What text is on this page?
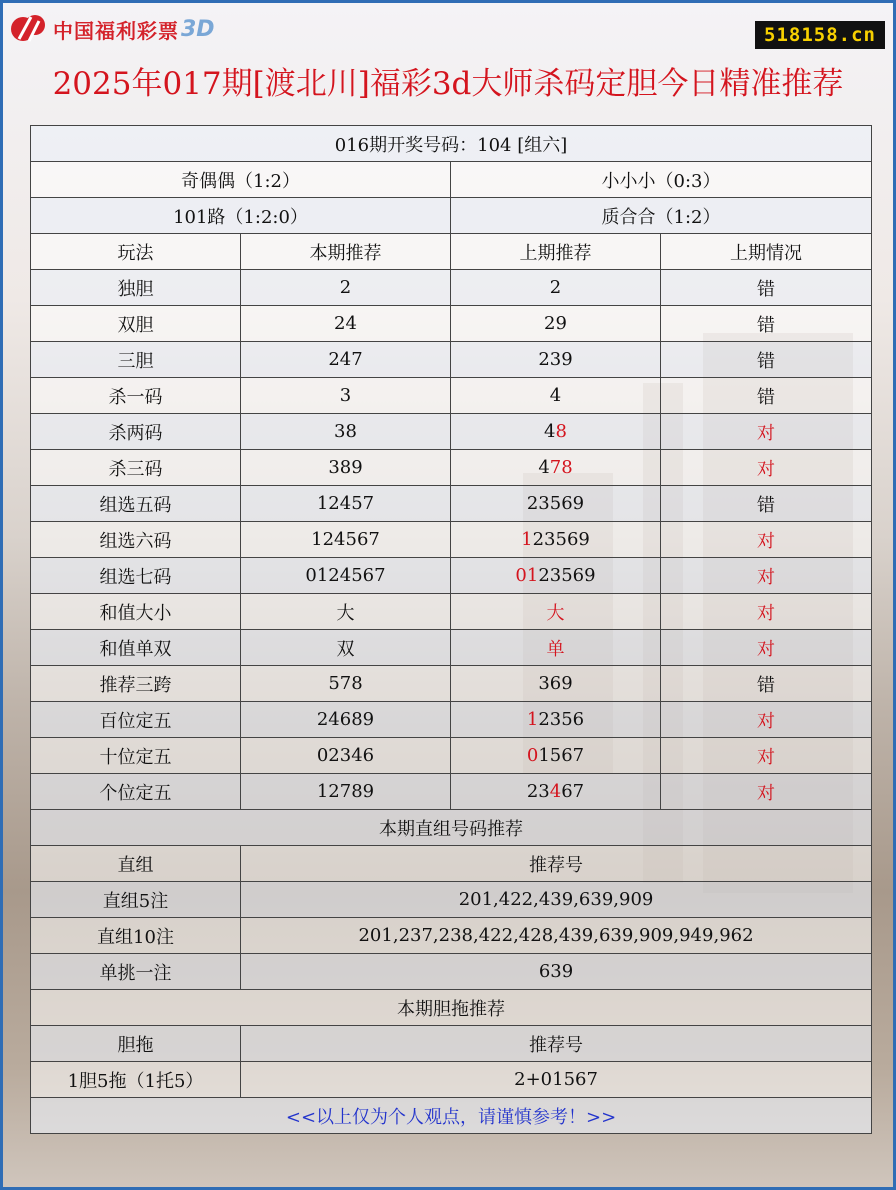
中国福利彩票 3D	518158.cn
2025年017期[渡北川]福彩3d大师杀码定胆今日精准推荐
016期开奖号码：104 [组六]			
奇偶偶（1:2）		小小小（0:3）	
101路（1:2:0）		质合合（1:2）	
玩法	本期推荐	上期推荐	上期情况
独胆	2	2	错
双胆	24	29	错
三胆	247	239	错
杀一码	3	4	错
杀两码	38	48	对
杀三码	389	478	对
组选五码	12457	23569	错
组选六码	124567	123569	对
组选七码	0124567	0123569	对
和值大小	大	大	对
和值单双	双	单	对
推荐三跨	578	369	错
百位定五	24689	12356	对
十位定五	02346	01567	对
个位定五	12789	23467	对
本期直组号码推荐			
直组	推荐号		
直组5注	201,422,439,639,909		
直组10注	201,237,238,422,428,439,639,909,949,962		
单挑一注	639		
本期胆拖推荐			
胆拖	推荐号		
1胆5拖（1托5）	2+01567		
<<以上仅为个人观点，请谨慎参考！>>			
